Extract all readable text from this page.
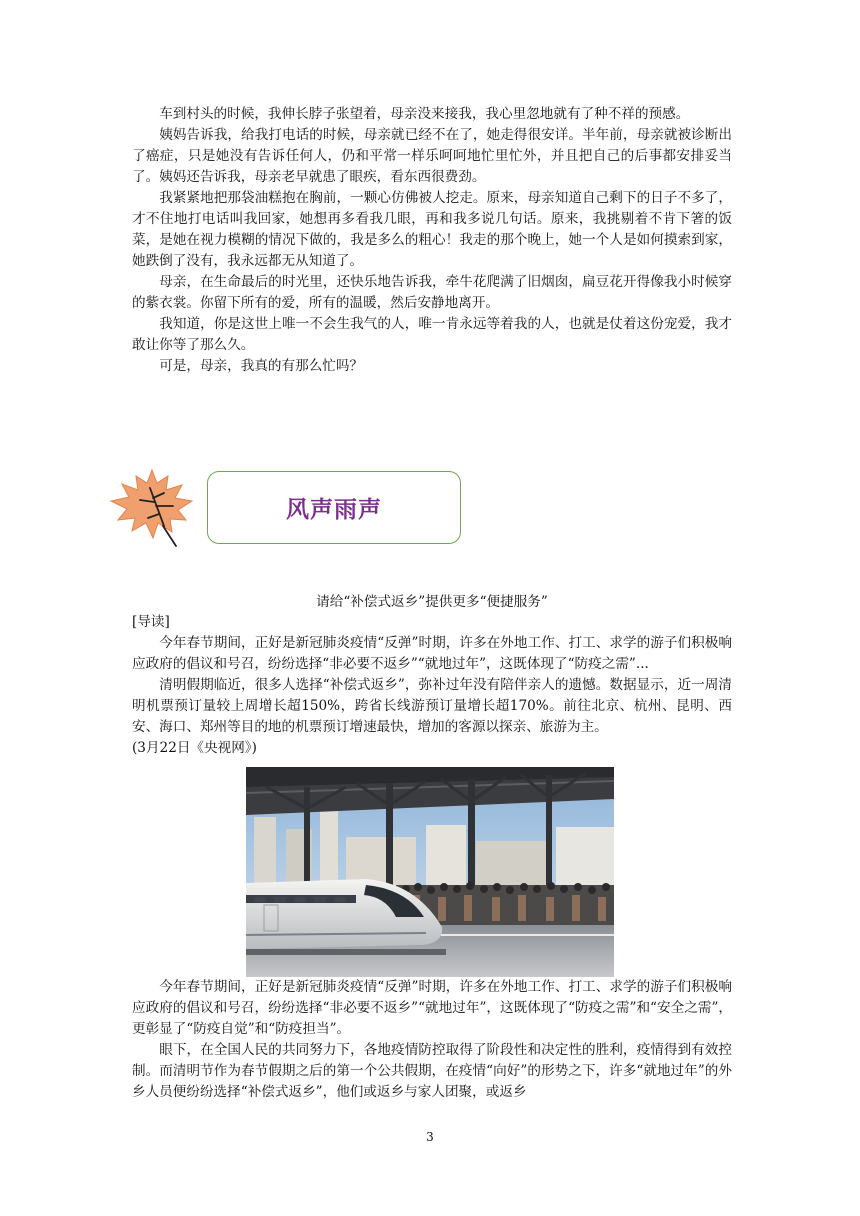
车到村头的时候，我伸长脖子张望着，母亲没来接我，我心里忽地就有了种不祥的预感。

姨妈告诉我，给我打电话的时候，母亲就已经不在了，她走得很安详。半年前，母亲就被诊断出了癌症，只是她没有告诉任何人，仍和平常一样乐呵呵地忙里忙外，并且把自己的后事都安排妥当了。姨妈还告诉我，母亲老早就患了眼疾，看东西很费劲。

我紧紧地把那袋油糕抱在胸前，一颗心仿佛被人挖走。原来，母亲知道自己剩下的日子不多了，才不住地打电话叫我回家，她想再多看我几眼，再和我多说几句话。原来，我挑剔着不肯下箸的饭菜，是她在视力模糊的情况下做的，我是多么的粗心！我走的那个晚上，她一个人是如何摸索到家，她跌倒了没有，我永远都无从知道了。

母亲，在生命最后的时光里，还快乐地告诉我，牵牛花爬满了旧烟囱，扁豆花开得像我小时候穿的紫衣裳。你留下所有的爱，所有的温暖，然后安静地离开。

我知道，你是这世上唯一不会生我气的人，唯一肯永远等着我的人，也就是仗着这份宠爱，我才敢让你等了那么久。

可是，母亲，我真的有那么忙吗？

风声雨声
请给“补偿式返乡”提供更多“便捷服务”

[导读]

今年春节期间，正好是新冠肺炎疫情“反弹”时期，许多在外地工作、打工、求学的游子们积极响应政府的倡议和号召，纷纷选择“非必要不返乡”“就地过年”，这既体现了“防疫之需”...

清明假期临近，很多人选择“补偿式返乡”，弥补过年没有陪伴亲人的遗憾。数据显示，近一周清明机票预订量较上周增长超150%，跨省长线游预订量增长超170%。前往北京、杭州、昆明、西安、海口、郑州等目的地的机票预订增速最快，增加的客源以探亲、旅游为主。

(3月22日《央视网》)

今年春节期间，正好是新冠肺炎疫情“反弹”时期，许多在外地工作、打工、求学的游子们积极响应政府的倡议和号召，纷纷选择“非必要不返乡”“就地过年”，这既体现了“防疫之需”和“安全之需”，更彰显了“防疫自觉”和“防疫担当”。

眼下，在全国人民的共同努力下，各地疫情防控取得了阶段性和决定性的胜利，疫情得到有效控制。而清明节作为春节假期之后的第一个公共假期，在疫情“向好”的形势之下，许多“就地过年”的外乡人员便纷纷选择“补偿式返乡”，他们或返乡与家人团聚，或返乡

3
